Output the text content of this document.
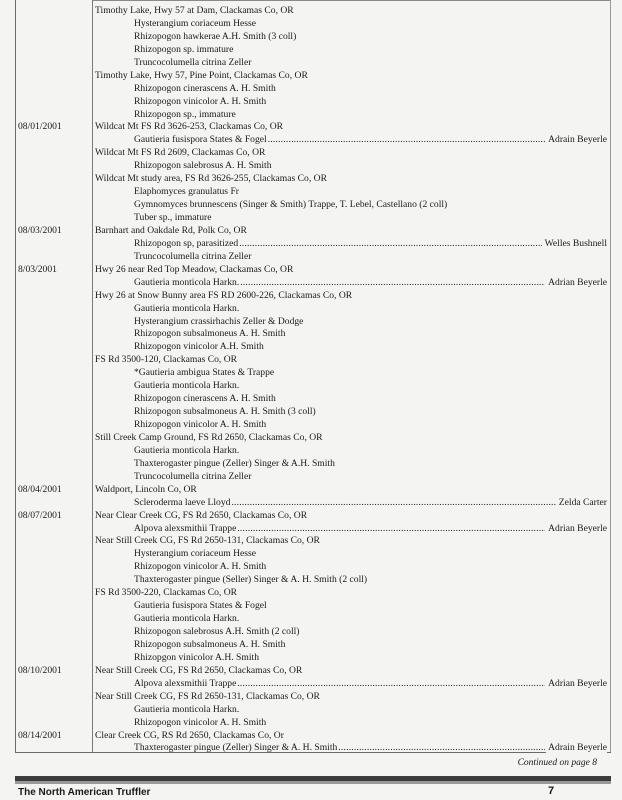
Timothy Lake, Hwy 57 at Dam, Clackamas Co, OR
Hysterangium coriaceum Hesse
Rhizopogon hawkerae A.H. Smith (3 coll)
Rhizopogon sp. immature
Truncocolumella citrina Zeller
Timothy Lake, Hwy 57, Pine Point, Clackamas Co, OR
Rhizopogon cinerascens A. H. Smith
Rhizopogon vinicolor A. H. Smith
Rhizopogon sp., immature
08/01/2001	Wildcat Mt FS Rd 3626-253, Clackamas Co, OR
Gautieria fusispora States & Fogel .....	Adrain Beyerle
Wildcat Mt FS Rd 2609, Clackamas Co, OR
Rhizopogon salebrosus A. H. Smith
Wildcat Mt study area, FS Rd 3626-255, Clackamas Co, OR
Elaphomyces granulatus Fr
Gymnomyces brunnescens (Singer & Smith) Trappe, T. Lebel, Castellano (2 coll)
Tuber sp., immature
08/03/2001	Barnhart and Oakdale Rd, Polk Co, OR
Rhizopogon sp, parasitized .....	Welles Bushnell
Truncocolumella citrina Zeller
8/03/2001	Hwy 26 near Red Top Meadow, Clackamas Co, OR
Gautieria monticola Harkn. .....	Adrian Beyerle
Hwy 26 at Snow Bunny area FS RD 2600-226, Clackamas Co, OR
Gautieria monticola Harkn.
Hysterangium crassirhachis Zeller & Dodge
Rhizopogon subsalmoneus A. H. Smith
Rhizopogon vinicolor A.H. Smith
FS Rd 3500-120, Clackamas Co, OR
*Gautieria ambigua States & Trappe
Gautieria monticola Harkn.
Rhizopogon cinerascens A. H. Smith
Rhizopogon subsalmoneus A. H. Smith (3 coll)
Rhizopogon vinicolor A. H. Smith
Still Creek Camp Ground, FS Rd 2650, Clackamas Co, OR
Gautieria monticola Harkn.
Thaxterogaster pingue (Zeller) Singer & A.H. Smith
Truncocolumella citrina Zeller
08/04/2001	Waldport, Lincoln Co, OR
Scleroderma laeve Lloyd .....	Zelda Carter
08/07/2001	Near Clear Creek CG, FS Rd 2650, Clackamas Co, OR
Alpova alexsmithii Trappe .....	Adrian Beyerle
Near Still Creek CG, FS Rd 2650-131, Clackamas Co, OR
Hysterangium coriaceum Hesse
Rhizopogon vinicolor A. H. Smith
Thaxterogaster pingue (Seller) Singer & A. H. Smith (2 coll)
FS Rd 3500-220, Clackamas Co, OR
Gautieria fusispora States & Fogel
Gautieria monticola Harkn.
Rhizopogon salebrosus A.H. Smith (2 coll)
Rhizopogon subsalmoneus A. H. Smith
Rhizopgon vinicolor A.H. Smith
08/10/2001	Near Still Creek CG, FS Rd 2650, Clackamas Co, OR
Alpova alexsmithii Trappe .....	Adrian Beyerle
Near Still Creek CG, FS Rd 2650-131, Clackamas Co, OR
Gautieria monticola Harkn.
Rhizopogon vinicolor A. H. Smith
08/14/2001	Clear Creek CG, RS Rd 2650, Clackamas Co, Or
Thaxterogaster pingue (Zeller) Singer & A. H. Smith .....	Adrain Beyerle
Continued on page 8
The North American Truffler	7
